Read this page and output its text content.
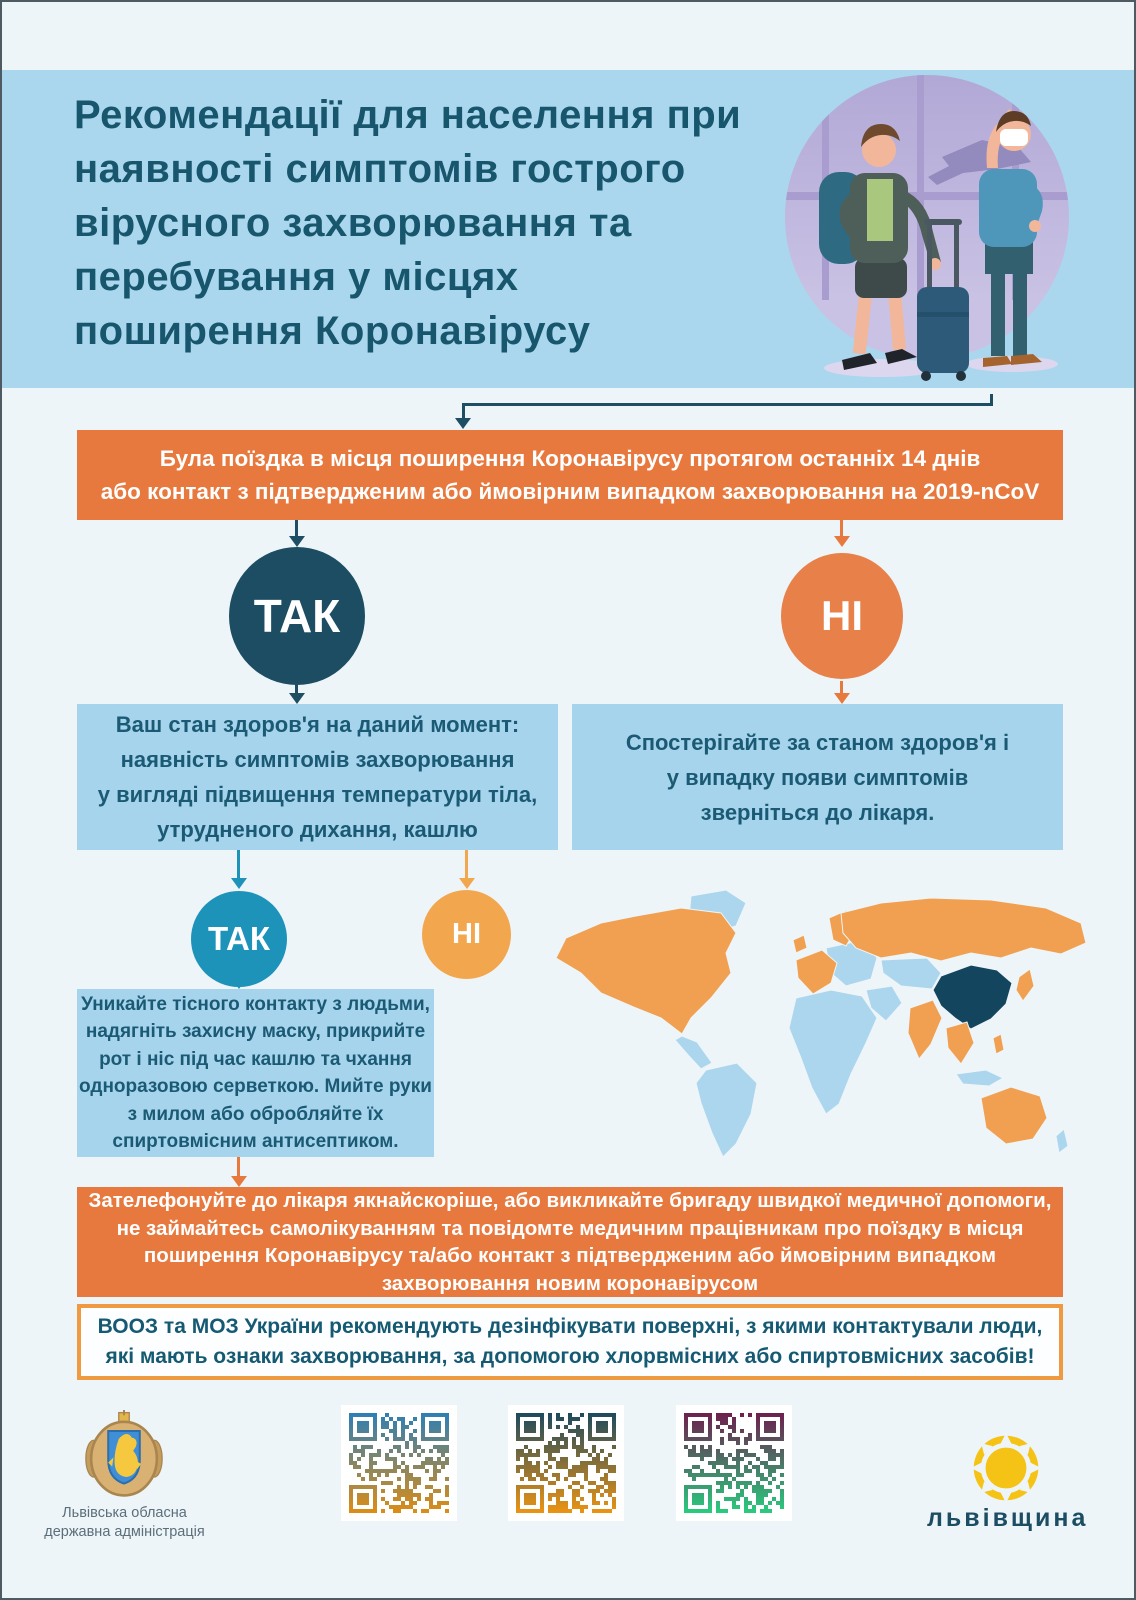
Рекомендації для населення при
наявності симптомів гострого
вірусного захворювання та
перебування у місцях
поширення Коронавірусу
Була поїздка в місця поширення Коронавірусу протягом останніх 14 днів
або контакт з підтвердженим або ймовірним випадком захворювання на 2019-nCoV
ТАК	НІ
Ваш стан здоров'я на даний момент:
наявність симптомів захворювання
у вигляді підвищення температури тіла,
утрудненого дихання, кашлю
Спостерігайте за станом здоров'я і
у випадку появи симптомів
зверніться до лікаря.
ТАК	НІ
Уникайте тісного контакту з людьми,
надягніть захисну маску, прикрийте
рот і ніс під час кашлю та чхання
одноразовою серветкою. Мийте руки
з милом або обробляйте їх
спиртовмісним антисептиком.
Зателефонуйте до лікаря якнайскоріше, або викликайте бригаду швидкої медичної допомоги,
не займайтесь самолікуванням та повідомте медичним працівникам про поїздку в місця
поширення Коронавірусу та/або контакт з підтвердженим або ймовірним випадком
захворювання новим коронавірусом
ВООЗ та МОЗ України рекомендують дезінфікувати поверхні, з якими контактували люди,
які мають ознаки захворювання, за допомогою хлорвмісних або спиртовмісних засобів!
Львівська обласна
державна адміністрація	львівщина
